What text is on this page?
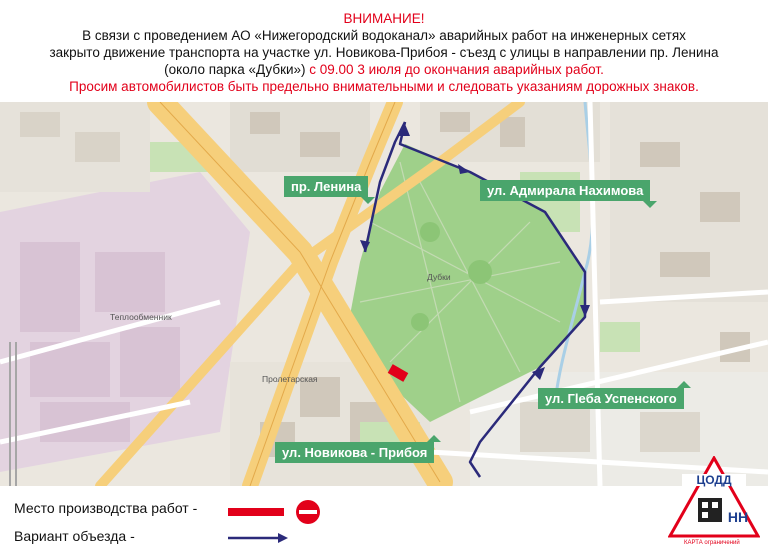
ВНИМАНИЕ!
В связи с проведением АО «Нижегородский водоканал» аварийных работ на инженерных сетях
закрыто движение транспорта на участке ул. Новикова-Прибоя - съезд с улицы в направлении пр. Ленина
(около парка «Дубки») с 09.00 3 июля до окончания аварийных работ.
Просим автомобилистов быть предельно внимательными и следовать указаниям дорожных знаков.
Теплообменник
Дубки
Пролетарская
пр. Ленина	ул. Адмирала Нахимова
ул. Гleба Успенского
ул. Новикова - Прибоя
Место производства работ -
Вариант объезда -
ЦОДД
НН
КАРТА ограничений
